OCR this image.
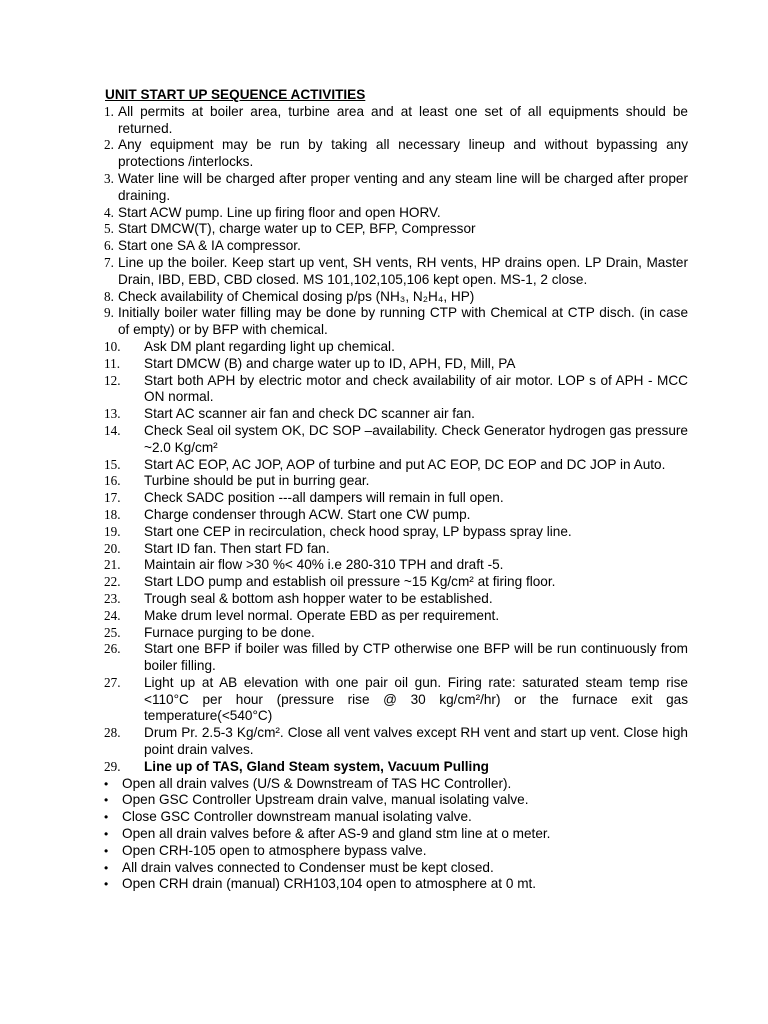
UNIT START UP SEQUENCE ACTIVITIES
1. All permits at boiler area, turbine area and at least one set of all equipments should be returned.
2. Any equipment may be run by taking all necessary lineup and without bypassing any protections /interlocks.
3. Water line will be charged after proper venting and any steam line will be charged after proper draining.
4. Start ACW pump. Line up firing floor and open HORV.
5. Start DMCW(T), charge water up to CEP, BFP, Compressor
6. Start one SA & IA compressor.
7. Line up the boiler. Keep start up vent, SH vents, RH vents, HP drains open. LP Drain, Master Drain, IBD, EBD, CBD closed. MS 101,102,105,106 kept open. MS-1, 2 close.
8. Check availability of Chemical dosing p/ps (NH₃, N₂H₄, HP)
9. Initially boiler water filling may be done by running CTP with Chemical at CTP disch. (in case of empty) or by BFP with chemical.
10.	Ask DM plant regarding light up chemical.
11.	Start DMCW (B) and charge water up to ID, APH, FD, Mill, PA
12.	Start both APH by electric motor and check availability of air motor. LOP s of APH - MCC ON normal.
13.	Start AC scanner air fan and check DC scanner air fan.
14.	Check Seal oil system OK, DC SOP –availability. Check Generator hydrogen gas pressure ~2.0 Kg/cm²
15.	Start AC EOP, AC JOP, AOP of turbine and put AC EOP, DC EOP and DC JOP in Auto.
16.	Turbine should be put in burring gear.
17.	Check SADC position ---all dampers will remain in full open.
18.	Charge condenser through ACW. Start one CW pump.
19.	Start one CEP in recirculation, check hood spray, LP bypass spray line.
20.	Start ID fan. Then start FD fan.
21.	Maintain air flow >30 %< 40% i.e 280-310 TPH and draft -5.
22.	Start LDO pump and establish oil pressure ~15 Kg/cm² at firing floor.
23.	Trough seal & bottom ash hopper water to be established.
24.	Make drum level normal. Operate EBD as per requirement.
25.	Furnace purging to be done.
26.	Start one BFP if boiler was filled by CTP otherwise one BFP will be run continuously from boiler filling.
27.	Light up at AB elevation with one pair oil gun. Firing rate: saturated steam temp rise <110°C per hour (pressure rise @ 30 kg/cm²/hr) or the furnace exit gas temperature(<540°C)
28.	Drum Pr. 2.5-3 Kg/cm². Close all vent valves except RH vent and start up vent. Close high point drain valves.
29.	Line up of TAS, Gland Steam system, Vacuum Pulling
•	Open all drain valves (U/S & Downstream of TAS HC Controller).
•	Open GSC Controller Upstream drain valve, manual isolating valve.
•	Close GSC Controller downstream manual isolating valve.
•	Open all drain valves before & after AS-9 and gland stm line at o meter.
•	Open CRH-105 open to atmosphere bypass valve.
•	All drain valves connected to Condenser must be kept closed.
•	Open CRH drain (manual) CRH103,104 open to atmosphere at 0 mt.
